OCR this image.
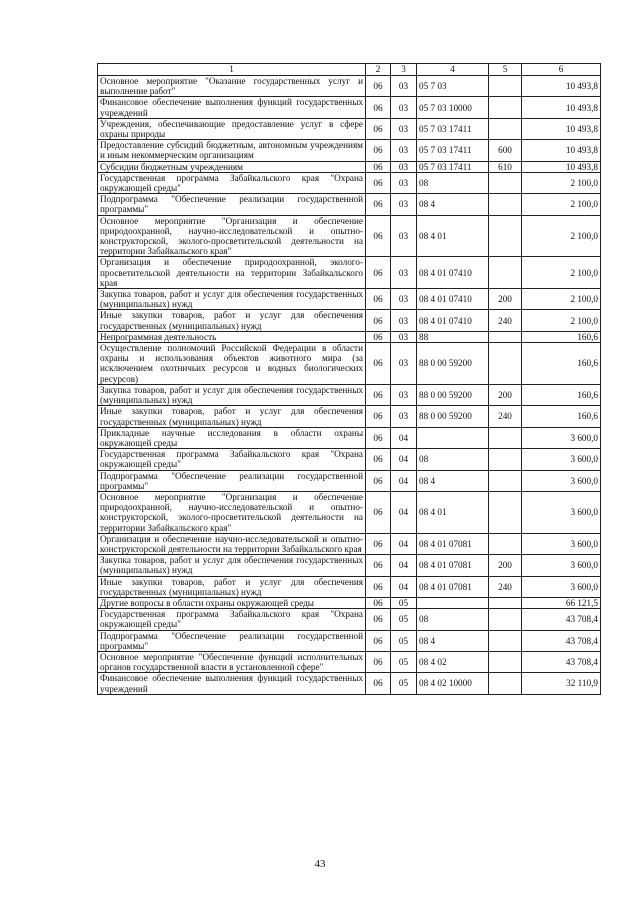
1	2	3	4	5	6
Основное мероприятие "Оказание государственных услуг и выполнение работ"	06	03	05 7 03		10 493,8
Финансовое обеспечение выполнения функций государственных учреждений	06	03	05 7 03 10000		10 493,8
Учреждения, обеспечивающие предоставление услуг в сфере охраны природы	06	03	05 7 03 17411		10 493,8
Предоставление субсидий бюджетным, автономным учреждениям и иным некоммерческим организациям	06	03	05 7 03 17411	600	10 493,8
Субсидии бюджетным учреждениям	06	03	05 7 03 17411	610	10 493,8
Государственная программа Забайкальского края "Охрана окружающей среды"	06	03	08		2 100,0
Подпрограмма "Обеспечение реализации государственной программы"	06	03	08 4		2 100,0
Основное мероприятие "Организация и обеспечение природоохранной, научно-исследовательской и опытно-конструкторской, эколого-просветительской деятельности на территории Забайкальского края"	06	03	08 4 01		2 100,0
Организация и обеспечение природоохранной, эколого-просветительской деятельности на территории Забайкальского края	06	03	08 4 01 07410		2 100,0
Закупка товаров, работ и услуг для обеспечения государственных (муниципальных) нужд	06	03	08 4 01 07410	200	2 100,0
Иные закупки товаров, работ и услуг для обеспечения государственных (муниципальных) нужд	06	03	08 4 01 07410	240	2 100,0
Непрограммная деятельность	06	03	88		160,6
Осуществление полномочий Российской Федерации в области охраны и использования объектов животного мира (за исключением охотничьих ресурсов и водных биологических ресурсов)	06	03	88 0 00 59200		160,6
Закупка товаров, работ и услуг для обеспечения государственных (муниципальных) нужд	06	03	88 0 00 59200	200	160,6
Иные закупки товаров, работ и услуг для обеспечения государственных (муниципальных) нужд	06	03	88 0 00 59200	240	160,6
Прикладные научные исследования в области охраны окружающей среды	06	04			3 600,0
Государственная программа Забайкальского края "Охрана окружающей среды"	06	04	08		3 600,0
Подпрограмма "Обеспечение реализации государственной программы"	06	04	08 4		3 600,0
Основное мероприятие "Организация и обеспечение природоохранной, научно-исследовательской и опытно-конструкторской, эколого-просветительской деятельности на территории Забайкальского края"	06	04	08 4 01		3 600,0
Организация и обеспечение научно-исследовательской и опытно-конструкторской деятельности на территории Забайкальского края	06	04	08 4 01 07081		3 600,0
Закупка товаров, работ и услуг для обеспечения государственных (муниципальных) нужд	06	04	08 4 01 07081	200	3 600,0
Иные закупки товаров, работ и услуг для обеспечения государственных (муниципальных) нужд	06	04	08 4 01 07081	240	3 600,0
Другие вопросы в области охраны окружающей среды	06	05			66 121,5
Государственная программа Забайкальского края "Охрана окружающей среды"	06	05	08		43 708,4
Подпрограмма "Обеспечение реализации государственной программы"	06	05	08 4		43 708,4
Основное мероприятие "Обеспечение функций исполнительных органов государственной власти в установленной сфере"	06	05	08 4 02		43 708,4
Финансовое обеспечение выполнения функций государственных учреждений	06	05	08 4 02 10000		32 110,9
43
